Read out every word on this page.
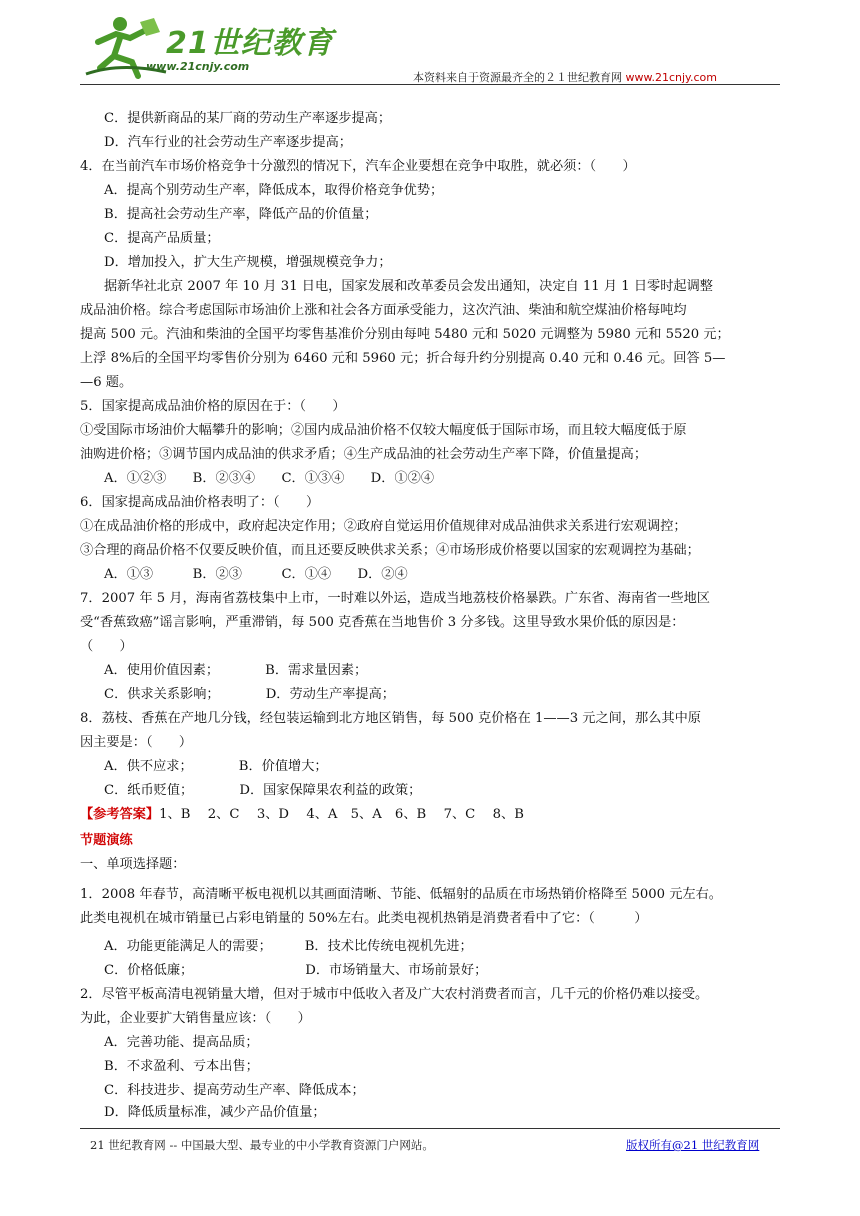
21世纪教育
www.21cnjy.com
本资料来自于资源最齐全的２１世纪教育网 www.21cnjy.com
C．提供新商品的某厂商的劳动生产率逐步提高；
D．汽车行业的社会劳动生产率逐步提高；
4．在当前汽车市场价格竞争十分激烈的情况下，汽车企业要想在竞争中取胜，就必须：（　　）
A．提高个别劳动生产率，降低成本，取得价格竞争优势；
B．提高社会劳动生产率，降低产品的价值量；
C．提高产品质量；
D．增加投入，扩大生产规模，增强规模竞争力；
据新华社北京 2007 年 10 月 31 日电，国家发展和改革委员会发出通知，决定自 11 月 1 日零时起调整
成品油价格。综合考虑国际市场油价上涨和社会各方面承受能力，这次汽油、柴油和航空煤油价格每吨均
提高 500 元。汽油和柴油的全国平均零售基准价分别由每吨 5480 元和 5020 元调整为 5980 元和 5520 元；
上浮 8%后的全国平均零售价分别为 6460 元和 5960 元；折合每升约分别提高 0.40 元和 0.46 元。回答 5—
—6 题。
5．国家提高成品油价格的原因在于：（　　）
①受国际市场油价大幅攀升的影响；②国内成品油价格不仅较大幅度低于国际市场，而且较大幅度低于原
油购进价格；③调节国内成品油的供求矛盾；④生产成品油的社会劳动生产率下降，价值量提高；
A．①②③　　B．②③④　　C．①③④　　D．①②④
6．国家提高成品油价格表明了：（　　）
①在成品油价格的形成中，政府起决定作用；②政府自觉运用价值规律对成品油供求关系进行宏观调控；
③合理的商品价格不仅要反映价值，而且还要反映供求关系；④市场形成价格要以国家的宏观调控为基础；
A．①③　　　B．②③　　　C．①④　　D．②④
7．2007 年 5 月，海南省荔枝集中上市，一时难以外运，造成当地荔枝价格暴跌。广东省、海南省一些地区
受“香蕉致癌”谣言影响，严重滞销，每 500 克香蕉在当地售价 3 分多钱。这里导致水果价低的原因是：
（　　）
A．使用价值因素；　　　　B．需求量因素；
C．供求关系影响；　　　　D．劳动生产率提高；
8．荔枝、香蕉在产地几分钱，经包装运输到北方地区销售，每 500 克价格在 1——3 元之间，那么其中原
因主要是：（　　）
A．供不应求；　　　　B．价值增大；
C．纸币贬值；　　　　D．国家保障果农利益的政策；
【参考答案】1、B　 2、C　 3、D　 4、A　5、A　6、B　 7、C　 8、B
节题演练
一、单项选择题：
1．2008 年春节，高清晰平板电视机以其画面清晰、节能、低辐射的品质在市场热销价格降至 5000 元左右。
此类电视机在城市销量已占彩电销量的 50%左右。此类电视机热销是消费者看中了它：（　　　）
A．功能更能满足人的需要；　　　B．技术比传统电视机先进；
C．价格低廉；　　　　　　　　　D．市场销量大、市场前景好；
2．尽管平板高清电视销量大增，但对于城市中低收入者及广大农村消费者而言，几千元的价格仍难以接受。
为此，企业要扩大销售量应该：（　　）
A．完善功能、提高品质；
B．不求盈利、亏本出售；
C．科技进步、提高劳动生产率、降低成本；
21 世纪教育网 -- 中国最大型、最专业的中小学教育资源门户网站。	版权所有@21 世纪教育网
D．降低质量标准，减少产品价值量；
